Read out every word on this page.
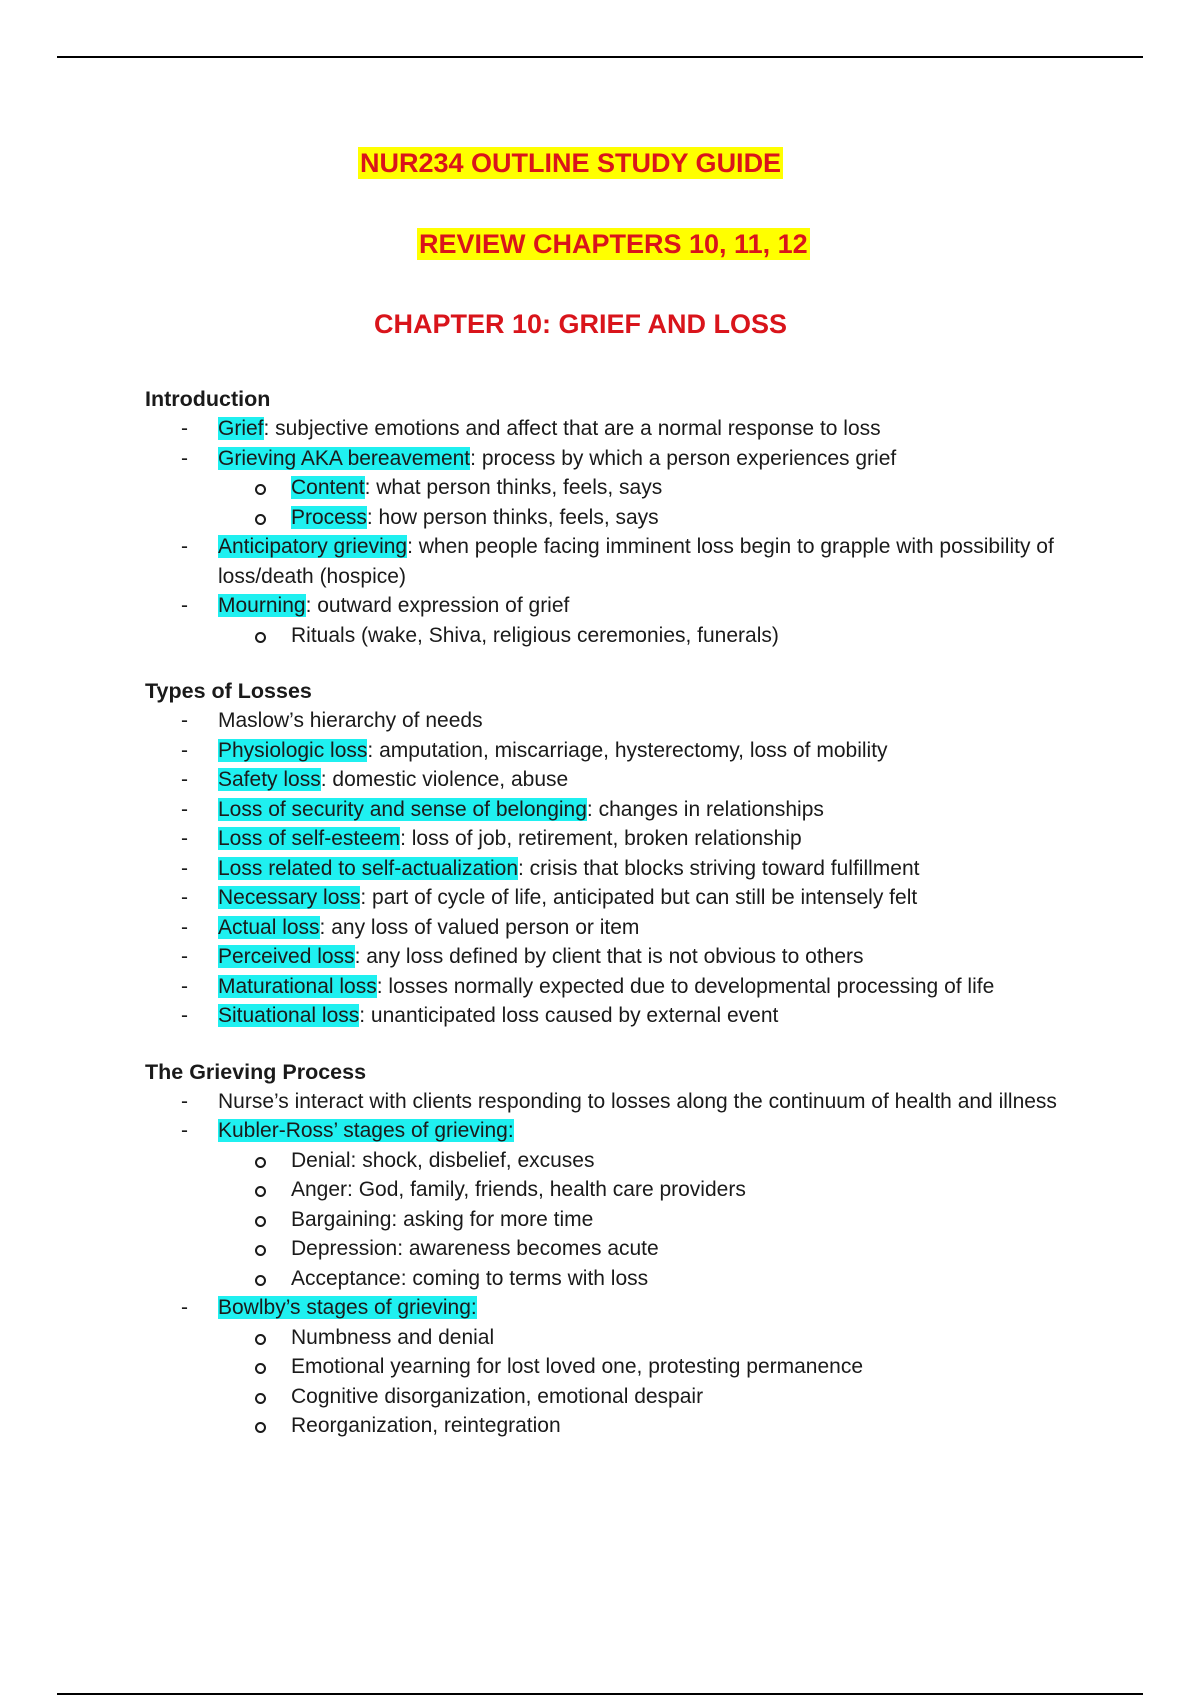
NUR234 OUTLINE STUDY GUIDE
REVIEW CHAPTERS 10, 11, 12
CHAPTER 10: GRIEF AND LOSS

Introduction

- Grief: subjective emotions and affect that are a normal response to loss
- Grieving AKA bereavement: process by which a person experiences grief
Content: what person thinks, feels, says
Process: how person thinks, feels, says
- Anticipatory grieving: when people facing imminent loss begin to grapple with possibility of loss/death (hospice)
- Mourning: outward expression of grief
Rituals (wake, Shiva, religious ceremonies, funerals)

Types of Losses

- Maslow’s hierarchy of needs
- Physiologic loss: amputation, miscarriage, hysterectomy, loss of mobility
- Safety loss: domestic violence, abuse
- Loss of security and sense of belonging: changes in relationships
- Loss of self-esteem: loss of job, retirement, broken relationship
- Loss related to self-actualization: crisis that blocks striving toward fulfillment
- Necessary loss: part of cycle of life, anticipated but can still be intensely felt
- Actual loss: any loss of valued person or item
- Perceived loss: any loss defined by client that is not obvious to others
- Maturational loss: losses normally expected due to developmental processing of life
- Situational loss: unanticipated loss caused by external event

The Grieving Process

- Nurse’s interact with clients responding to losses along the continuum of health and illness
- Kubler-Ross’ stages of grieving:
Denial: shock, disbelief, excuses
Anger: God, family, friends, health care providers
Bargaining: asking for more time
Depression: awareness becomes acute
Acceptance: coming to terms with loss
- Bowlby’s stages of grieving:
Numbness and denial
Emotional yearning for lost loved one, protesting permanence
Cognitive disorganization, emotional despair
Reorganization, reintegration
